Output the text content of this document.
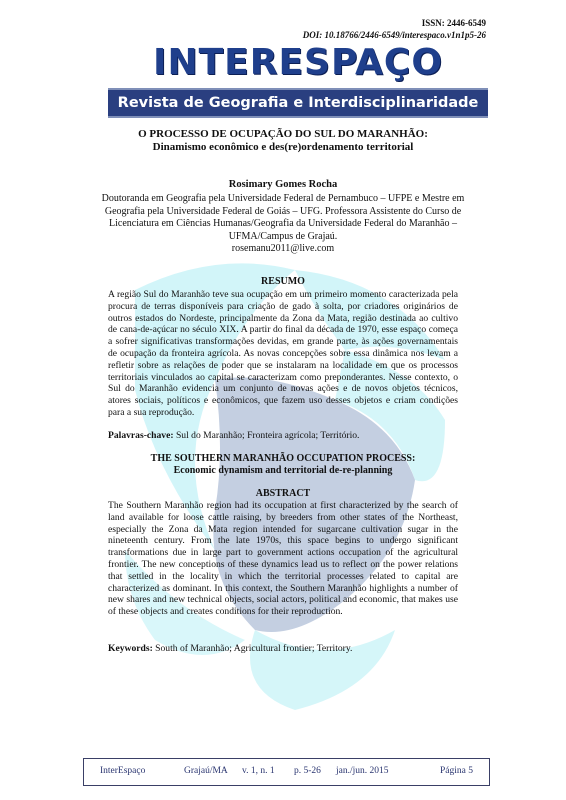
ISSN: 2446-6549
DOI: 10.18766/2446-6549/interespaco.v1n1p5-26
INTERESPAÇO
Revista de Geografia e Interdisciplinaridade
O PROCESSO DE OCUPAÇÃO DO SUL DO MARANHÃO:
Dinamismo econômico e des(re)ordenamento territorial
Rosimary Gomes Rocha
Doutoranda em Geografia pela Universidade Federal de Pernambuco – UFPE e Mestre em Geografia pela Universidade Federal de Goiás – UFG. Professora Assistente do Curso de Licenciatura em Ciências Humanas/Geografia da Universidade Federal do Maranhão – UFMA/Campus de Grajaú.
rosemanu2011@live.com
RESUMO
A região Sul do Maranhão teve sua ocupação em um primeiro momento caracterizada pela procura de terras disponíveis para criação de gado à solta, por criadores originários de outros estados do Nordeste, principalmente da Zona da Mata, região destinada ao cultivo de cana-de-açúcar no século XIX. A partir do final da década de 1970, esse espaço começa a sofrer significativas transformações devidas, em grande parte, às ações governamentais de ocupação da fronteira agrícola. As novas concepções sobre essa dinâmica nos levam a refletir sobre as relações de poder que se instalaram na localidade em que os processos territoriais vinculados ao capital se caracterizam como preponderantes. Nesse contexto, o Sul do Maranhão evidencia um conjunto de novas ações e de novos objetos técnicos, atores sociais, políticos e econômicos, que fazem uso desses objetos e criam condições para a sua reprodução.
Palavras-chave: Sul do Maranhão; Fronteira agrícola; Território.
THE SOUTHERN MARANHÃO OCCUPATION PROCESS:
Economic dynamism and territorial de-re-planning
ABSTRACT
The Southern Maranhão region had its occupation at first characterized by the search of land available for loose cattle raising, by breeders from other states of the Northeast, especially the Zona da Mata region intended for sugarcane cultivation sugar in the nineteenth century. From the late 1970s, this space begins to undergo significant transformations due in large part to government actions occupation of the agricultural frontier. The new conceptions of these dynamics lead us to reflect on the power relations that settled in the locality in which the territorial processes related to capital are characterized as dominant. In this context, the Southern Maranhão highlights a number of new shares and new technical objects, social actors, political and economic, that makes use of these objects and creates conditions for their reproduction.
Keywords: South of Maranhão; Agricultural frontier; Territory.
InterEspaço	Grajaú/MA v. 1, n. 1 p. 5-26 jan./jun. 2015	Página 5
